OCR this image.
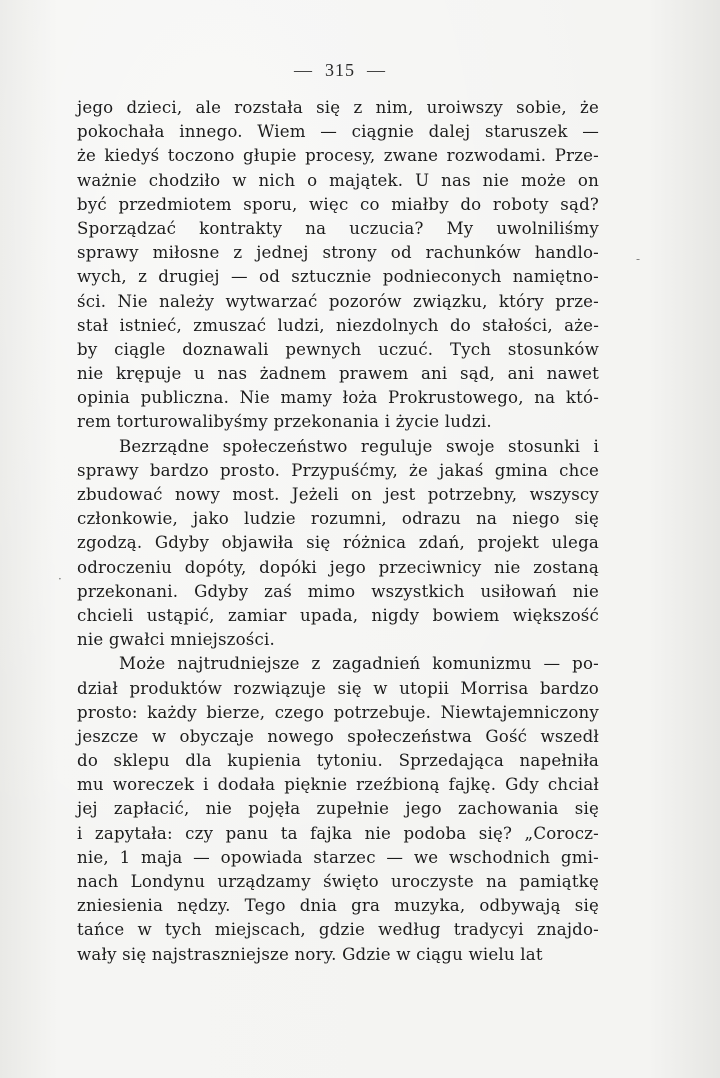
— 315 —
jego dzieci, ale rozstała się z nim, uroiwszy sobie, że
pokochała innego. Wiem — ciągnie dalej staruszek —
że kiedyś toczono głupie procesy, zwane rozwodami. Prze-
ważnie chodziło w nich o majątek. U nas nie może on
być przedmiotem sporu, więc co miałby do roboty sąd?
Sporządzać kontrakty na uczucia? My uwolniliśmy
sprawy miłosne z jednej strony od rachunków handlo-
wych, z drugiej — od sztucznie podnieconych namiętno-
ści. Nie należy wytwarzać pozorów związku, który prze-
stał istnieć, zmuszać ludzi, niezdolnych do stałości, aże-
by ciągle doznawali pewnych uczuć. Tych stosunków
nie krępuje u nas żadnem prawem ani sąd, ani nawet
opinia publiczna. Nie mamy łoża Prokrustowego, na któ-
rem torturowalibyśmy przekonania i życie ludzi.
Bezrządne społeczeństwo reguluje swoje stosunki i
sprawy bardzo prosto. Przypuśćmy, że jakaś gmina chce
zbudować nowy most. Jeżeli on jest potrzebny, wszyscy
członkowie, jako ludzie rozumni, odrazu na niego się
zgodzą. Gdyby objawiła się różnica zdań, projekt ulega
odroczeniu dopóty, dopóki jego przeciwnicy nie zostaną
przekonani. Gdyby zaś mimo wszystkich usiłowań nie
chcieli ustąpić, zamiar upada, nigdy bowiem większość
nie gwałci mniejszości.
Może najtrudniejsze z zagadnień komunizmu — po-
dział produktów rozwiązuje się w utopii Morrisa bardzo
prosto: każdy bierze, czego potrzebuje. Niewtajemniczony
jeszcze w obyczaje nowego społeczeństwa Gość wszedł
do sklepu dla kupienia tytoniu. Sprzedająca napełniła
mu woreczek i dodała pięknie rzeźbioną fajkę. Gdy chciał
jej zapłacić, nie pojęła zupełnie jego zachowania się
i zapytała: czy panu ta fajka nie podoba się? „Corocz-
nie, 1 maja — opowiada starzec — we wschodnich gmi-
nach Londynu urządzamy święto uroczyste na pamiątkę
zniesienia nędzy. Tego dnia gra muzyka, odbywają się
tańce w tych miejscach, gdzie według tradycyi znajdo-
wały się najstraszniejsze nory. Gdzie w ciągu wielu lat
-
·
